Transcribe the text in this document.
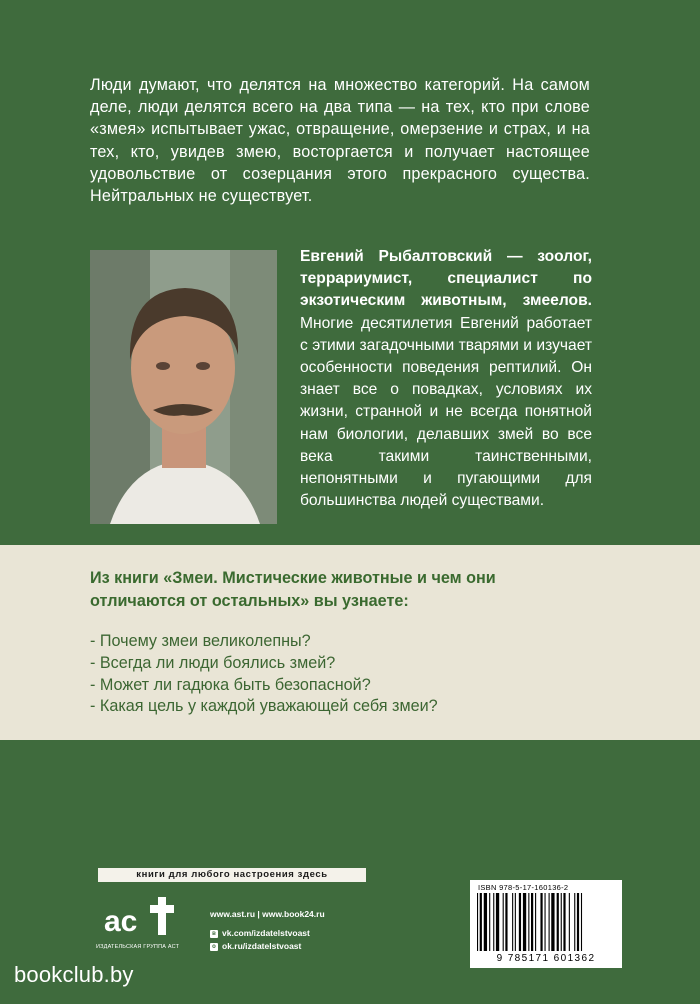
Люди думают, что делятся на множество категорий. На самом деле, люди делятся всего на два типа — на тех, кто при слове «змея» испытывает ужас, отвращение, омерзение и страх, и на тех, кто, увидев змею, восторгается и получает настоящее удовольствие от созерцания этого прекрасного существа. Нейтральных не существует.
Евгений Рыбалтовский — зоолог, террариумист, специалист по экзотическим животным, змеелов. Многие десятилетия Евгений работает с этими загадочными тварями и изучает особенности поведения рептилий. Он знает все о повадках, условиях их жизни, странной и не всегда понятной нам биологии, делавших змей во все века такими таинственными, непонятными и пугающими для большинства людей существами.
Из книги «Змеи. Мистические животные и чем они отличаются от остальных» вы узнаете:
- Почему змеи великолепны?
- Всегда ли люди боялись змей?
- Может ли гадюка быть безопасной?
- Какая цель у каждой уважающей себя змеи?
книги для любого настроения здесь
ac
ИЗДАТЕЛЬСКАЯ ГРУППА АСТ
www.ast.ru | www.book24.ru
в vk.com/izdatelstvoast
o ok.ru/izdatelstvoast
ISBN 978-5-17-160136-2
9 785171 601362
bookclub.by
